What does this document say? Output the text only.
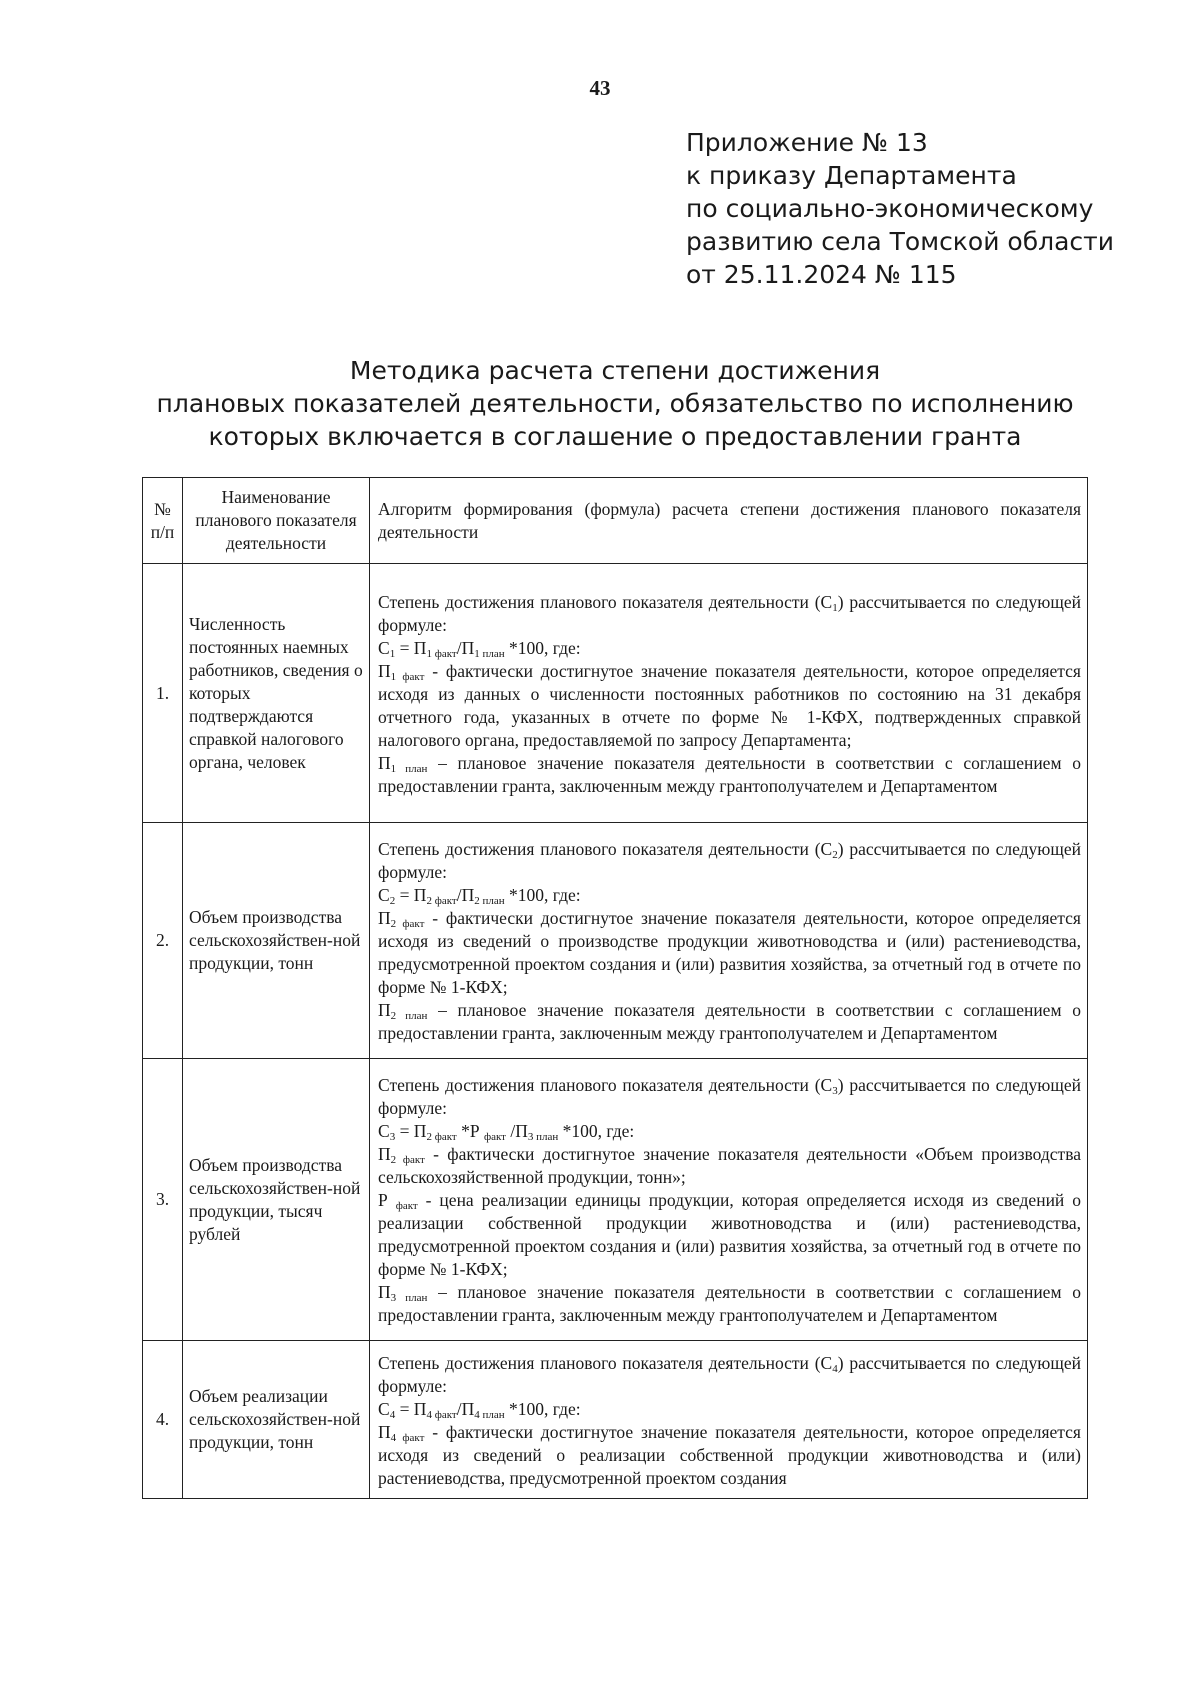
43
Приложение № 13
к приказу Департамента
по социально-экономическому
развитию села Томской области
от 25.11.2024 № 115
Методика расчета степени достижения
плановых показателей деятельности, обязательство по исполнению
которых включается в соглашение о предоставлении гранта
№ п/п	Наименование планового показателя деятельности	Алгоритм формирования (формула) расчета степени достижения планового показателя деятельности
1.	Численность постоянных наемных работников, сведения о которых подтверждаются справкой налогового органа, человек	Степень достижения планового показателя деятельности $(С_1)$ рассчитывается по следующей формуле:

$С_1 = П_{1 факт}/П_{1 план}$ *100, где:

$П_{1 факт}$ - фактически достигнутое значение показателя деятельности, которое определяется исходя из данных о численности постоянных работников по состоянию на 31 декабря отчетного года, указанных в отчете по форме № 1-КФХ, подтвержденных справкой налогового органа, предоставляемой по запросу Департамента;

$П_{1 план}$ – плановое значение показателя деятельности в соответствии с соглашением о предоставлении гранта, заключенным между грантополучателем и Департаментом

2.	Объем производства сельскохозяйствен-ной продукции, тонн	Степень достижения планового показателя деятельности $(С_2)$ рассчитывается по следующей формуле:

$С_2 = П_{2 факт}/П_{2 план}$ *100, где:

$П_{2 факт}$ - фактически достигнутое значение показателя деятельности, которое определяется исходя из сведений о производстве продукции животноводства и (или) растениеводства, предусмотренной проектом создания и (или) развития хозяйства, за отчетный год в отчете по форме № 1-КФХ;

$П_{2 план}$ – плановое значение показателя деятельности в соответствии с соглашением о предоставлении гранта, заключенным между грантополучателем и Департаментом

3.	Объем производства сельскохозяйствен-ной продукции, тысяч рублей	Степень достижения планового показателя деятельности $(С_3)$ рассчитывается по следующей формуле:

$С_3 = П_{2 факт}$ *Р $_{факт}$ $/П_{3 план}$ *100, где:

$П_{2 факт}$ - фактически достигнутое значение показателя деятельности «Объем производства сельскохозяйственной продукции, тонн»;

Р $_{факт}$ - цена реализации единицы продукции, которая определяется исходя из сведений о реализации собственной продукции животноводства и (или) растениеводства, предусмотренной проектом создания и (или) развития хозяйства, за отчетный год в отчете по форме № 1-КФХ;

$П_{3 план}$ – плановое значение показателя деятельности в соответствии с соглашением о предоставлении гранта, заключенным между грантополучателем и Департаментом

4.	Объем реализации сельскохозяйствен-ной продукции, тонн	Степень достижения планового показателя деятельности $(С_4)$ рассчитывается по следующей формуле:

$С_4 = П_{4 факт}/П_{4 план}$ *100, где:

$П_{4 факт}$ - фактически достигнутое значение показателя деятельности, которое определяется исходя из сведений о реализации собственной продукции животноводства и (или) растениеводства, предусмотренной проектом создания
